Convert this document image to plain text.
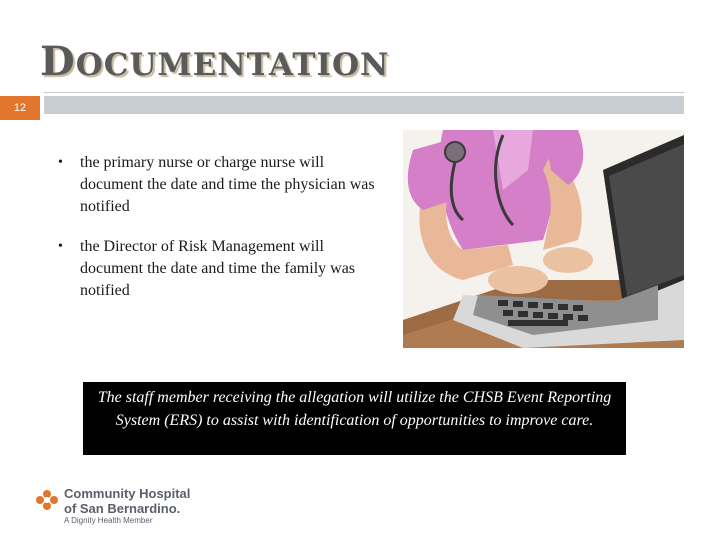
DOCUMENTATION
12
• the primary nurse or charge nurse will document the date and time the physician was notified
• the Director of Risk Management will document the date and time the family was notified
The staff member receiving the allegation will utilize the CHSB Event Reporting System (ERS) to assist with identification of opportunities to improve care.
Community Hospital
of San Bernardino.
A Dignity Health Member
